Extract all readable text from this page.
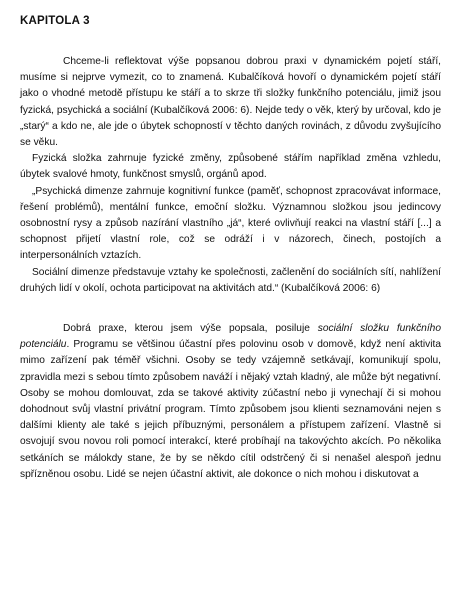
KAPITOLA 3

Chceme-li reflektovat výše popsanou dobrou praxi v dynamickém pojetí stáří, musíme si nejprve vymezit, co to znamená. Kubalčíková hovoří o dynamickém pojetí stáří jako o vhodné metodě přístupu ke stáří a to skrze tři složky funkčního potenciálu, jimiž jsou fyzická, psychická a sociální (Kubalčíková 2006: 6). Nejde tedy o věk, který by určoval, kdo je „starý“ a kdo ne, ale jde o úbytek schopností v těchto daných rovinách, z důvodu zvyšujícího se věku.

Fyzická složka zahrnuje fyzické změny, způsobené stářím například změna vzhledu, úbytek svalové hmoty, funkčnost smyslů, orgánů apod.

„Psychická dimenze zahrnuje kognitivní funkce (paměť, schopnost zpracovávat informace, řešení problémů), mentální funkce, emoční složku. Významnou složkou jsou jedincovy osobnostní rysy a způsob nazírání vlastního „já“, které ovlivňují reakci na vlastní stáří [...] a schopnost přijetí vlastní role, což se odráží i v názorech, činech, postojích a interpersonálních vztazích.

Sociální dimenze představuje vztahy ke společnosti, začlenění do sociálních sítí, nahlížení druhých lidí v okolí, ochota participovat na aktivitách atd.“ (Kubalčíková 2006: 6)

Dobrá praxe, kterou jsem výše popsala, posiluje sociální složku funkčního potenciálu. Programu se většinou účastní přes polovinu osob v domově, když není aktivita mimo zařízení pak téměř všichni. Osoby se tedy vzájemně setkávají, komunikují spolu, zpravidla mezi s sebou tímto způsobem naváží i nějaký vztah kladný, ale může být negativní. Osoby se mohou domlouvat, zda se takové aktivity zúčastní nebo ji vynechají či si mohou dohodnout svůj vlastní privátní program. Tímto způsobem jsou klienti seznamováni nejen s dalšími klienty ale také s jejich příbuznými, personálem a přístupem zařízení. Vlastně si osvojují svou novou roli pomocí interakcí, které probíhají na takovýchto akcích. Po několika setkáních se málokdy stane, že by se někdo cítil odstrčený či si nenašel alespoň jednu spřízněnou osobu. Lidé se nejen účastní aktivit, ale dokonce o nich mohou i diskutovat a
